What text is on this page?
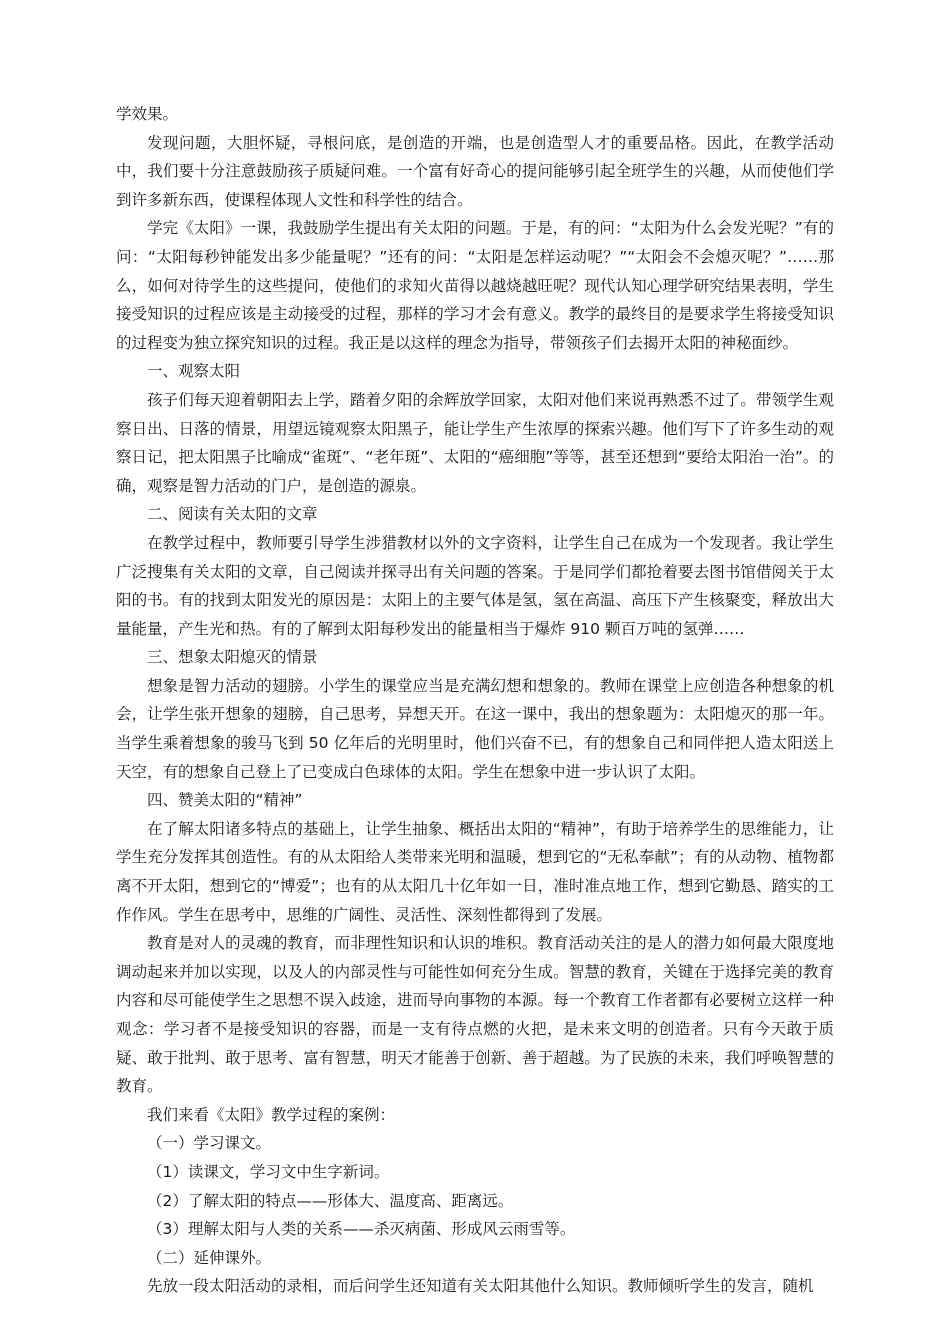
学效果。

发现问题，大胆怀疑，寻根问底，是创造的开端，也是创造型人才的重要品格。因此，在教学活动中，我们要十分注意鼓励孩子质疑问难。一个富有好奇心的提问能够引起全班学生的兴趣，从而使他们学到许多新东西，使课程体现人文性和科学性的结合。

学完《太阳》一课，我鼓励学生提出有关太阳的问题。于是，有的问：“太阳为什么会发光呢？”有的问：“太阳每秒钟能发出多少能量呢？”还有的问：“太阳是怎样运动呢？”“太阳会不会熄灭呢？”……那么，如何对待学生的这些提问，使他们的求知火苗得以越烧越旺呢？现代认知心理学研究结果表明，学生接受知识的过程应该是主动接受的过程，那样的学习才会有意义。教学的最终目的是要求学生将接受知识的过程变为独立探究知识的过程。我正是以这样的理念为指导，带领孩子们去揭开太阳的神秘面纱。

一、观察太阳

孩子们每天迎着朝阳去上学，踏着夕阳的余辉放学回家，太阳对他们来说再熟悉不过了。带领学生观察日出、日落的情景，用望远镜观察太阳黑子，能让学生产生浓厚的探索兴趣。他们写下了许多生动的观察日记，把太阳黑子比喻成“雀斑”、“老年斑”、太阳的“癌细胞”等等，甚至还想到“要给太阳治一治”。的确，观察是智力活动的门户，是创造的源泉。

二、阅读有关太阳的文章

在教学过程中，教师要引导学生涉猎教材以外的文字资料，让学生自己在成为一个发现者。我让学生广泛搜集有关太阳的文章，自己阅读并探寻出有关问题的答案。于是同学们都抢着要去图书馆借阅关于太阳的书。有的找到太阳发光的原因是：太阳上的主要气体是氢，氢在高温、高压下产生核聚变，释放出大量能量，产生光和热。有的了解到太阳每秒发出的能量相当于爆炸 910 颗百万吨的氢弹……

三、想象太阳熄灭的情景

想象是智力活动的翅膀。小学生的课堂应当是充满幻想和想象的。教师在课堂上应创造各种想象的机会，让学生张开想象的翅膀，自己思考，异想天开。在这一课中，我出的想象题为：太阳熄灭的那一年。当学生乘着想象的骏马飞到 50 亿年后的光明里时，他们兴奋不已，有的想象自己和同伴把人造太阳送上天空，有的想象自己登上了已变成白色球体的太阳。学生在想象中进一步认识了太阳。

四、赞美太阳的“精神”

在了解太阳诸多特点的基础上，让学生抽象、概括出太阳的“精神”，有助于培养学生的思维能力，让学生充分发挥其创造性。有的从太阳给人类带来光明和温暖，想到它的“无私奉献”；有的从动物、植物都离不开太阳，想到它的“博爱”；也有的从太阳几十亿年如一日，准时准点地工作，想到它勤恳、踏实的工作作风。学生在思考中，思维的广阔性、灵活性、深刻性都得到了发展。

教育是对人的灵魂的教育，而非理性知识和认识的堆积。教育活动关注的是人的潜力如何最大限度地调动起来并加以实现，以及人的内部灵性与可能性如何充分生成。智慧的教育，关键在于选择完美的教育内容和尽可能使学生之思想不误入歧途，进而导向事物的本源。每一个教育工作者都有必要树立这样一种观念：学习者不是接受知识的容器，而是一支有待点燃的火把，是未来文明的创造者。只有今天敢于质疑、敢于批判、敢于思考、富有智慧，明天才能善于创新、善于超越。为了民族的未来，我们呼唤智慧的教育。

我们来看《太阳》教学过程的案例：

（一）学习课文。

（1）读课文，学习文中生字新词。

（2）了解太阳的特点——形体大、温度高、距离远。

（3）理解太阳与人类的关系——杀灭病菌、形成风云雨雪等。

（二）延伸课外。

先放一段太阳活动的录相，而后问学生还知道有关太阳其他什么知识。教师倾听学生的发言，随机
